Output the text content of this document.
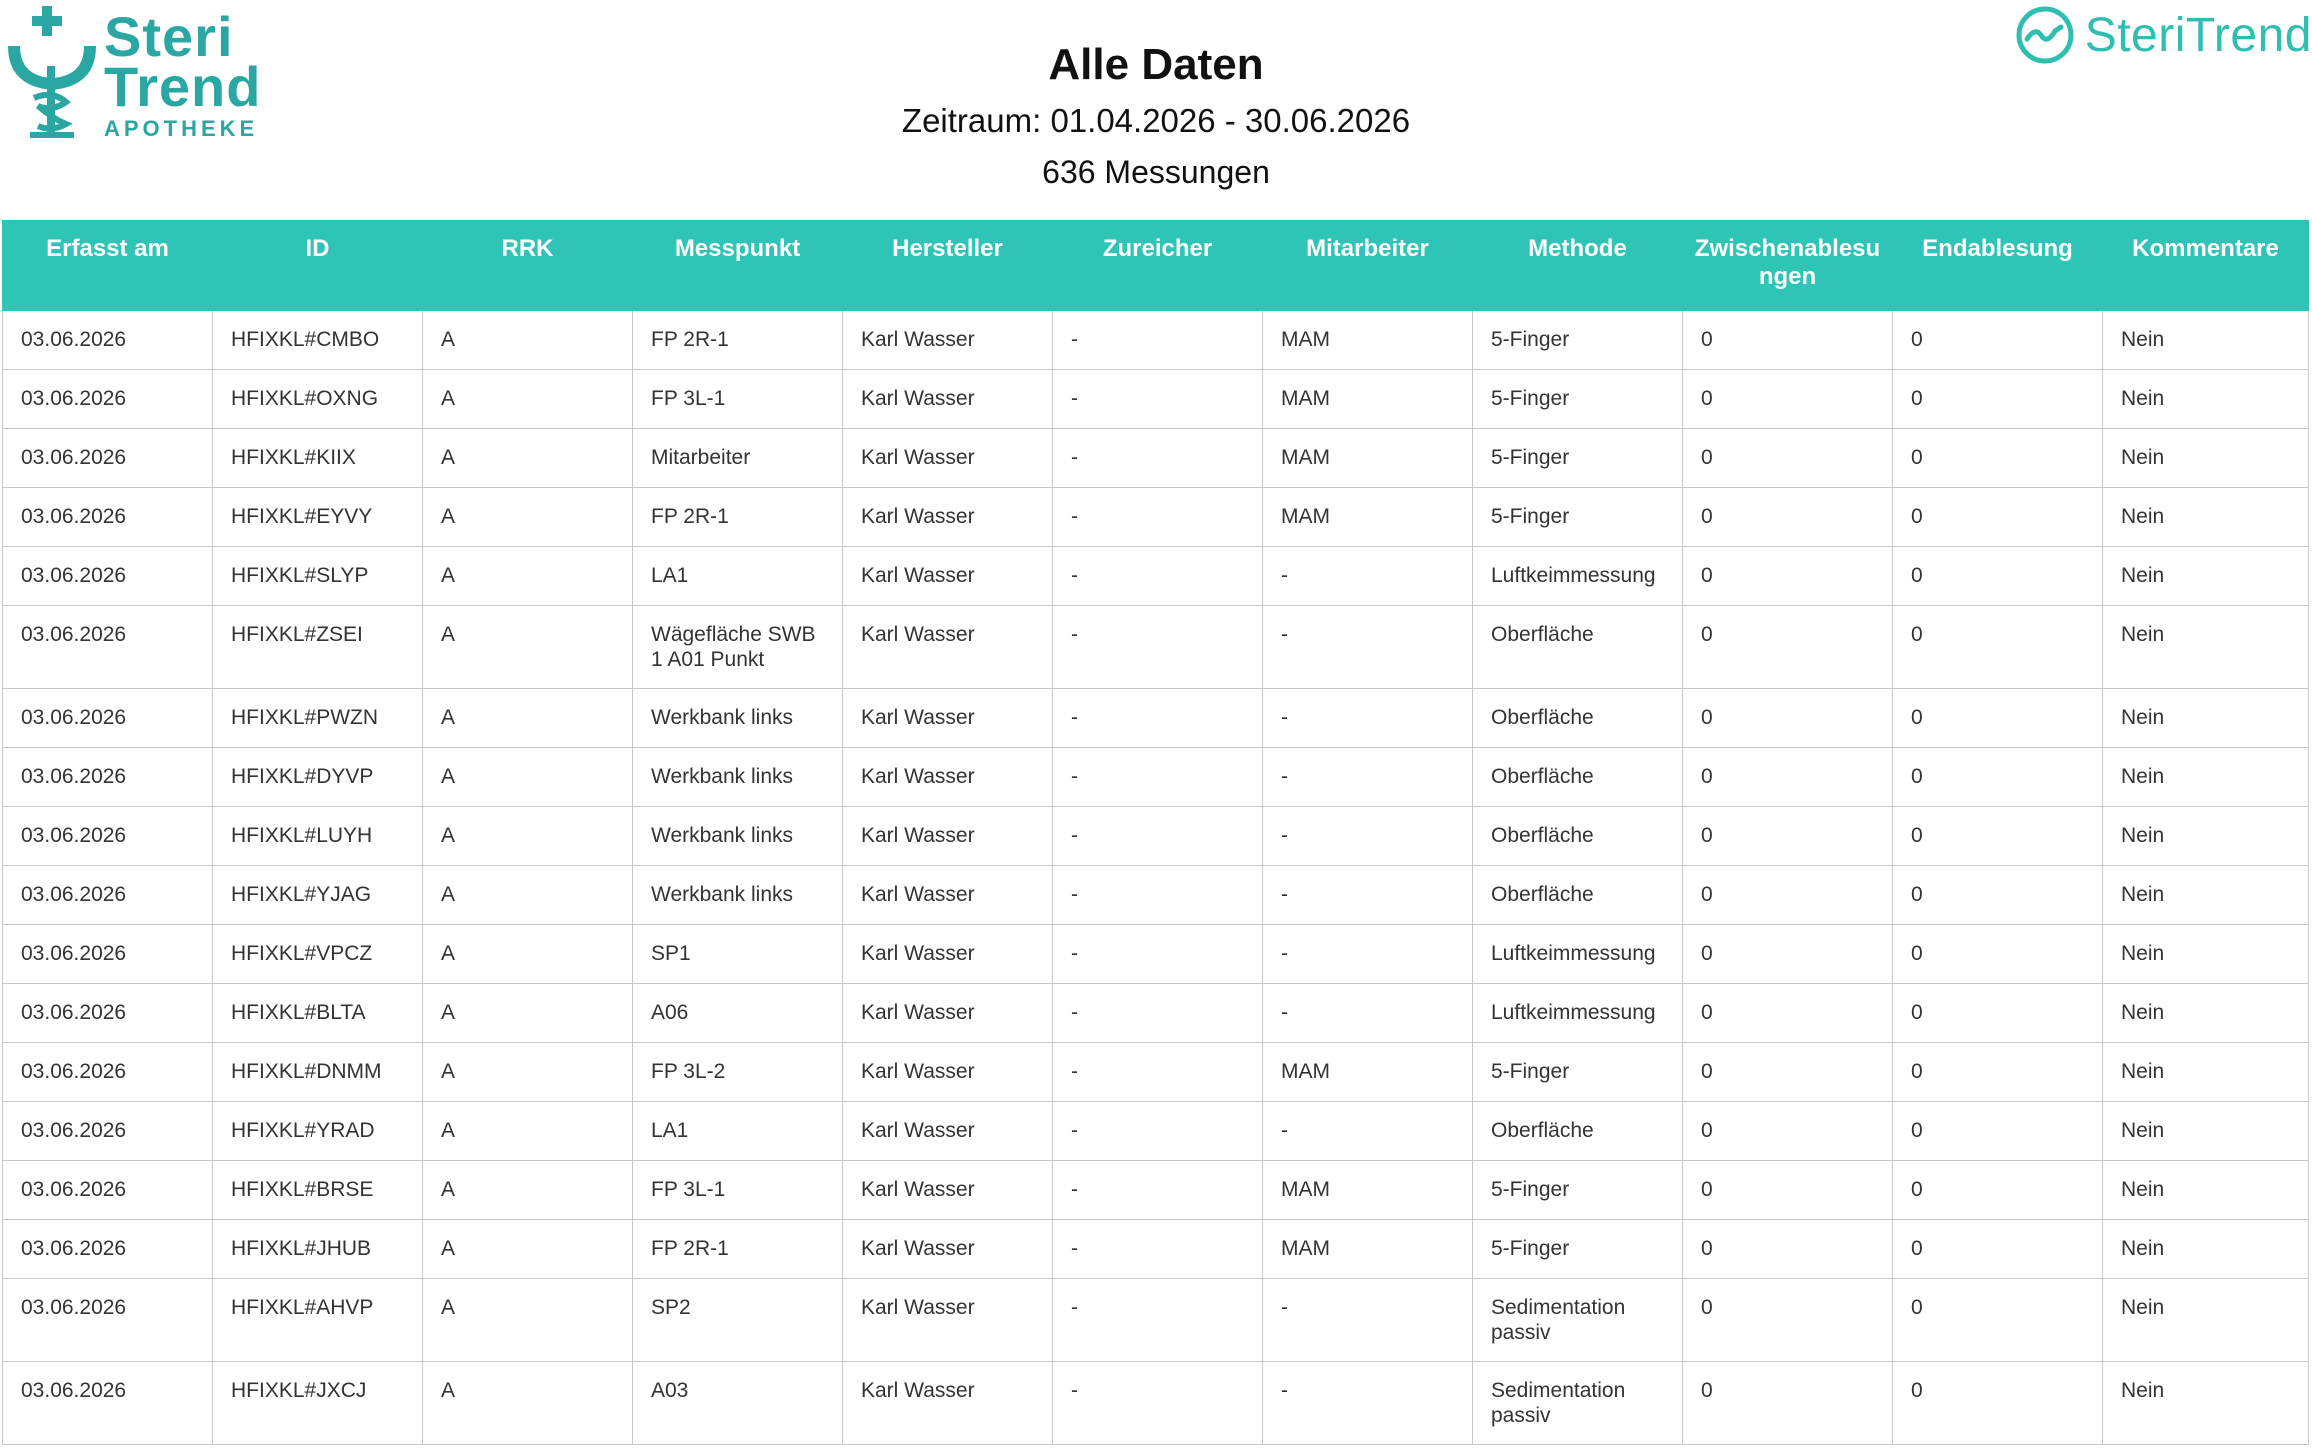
Steri
Trend
APOTHEKE
SteriTrend
Alle Daten
Zeitraum: 01.04.2026 - 30.06.2026
636 Messungen
Erfasst am	ID	RRK	Messpunkt	Hersteller	Zureicher	Mitarbeiter	Methode	Zwischenablesu ngen	Endablesung	Kommentare
03.06.2026	HFIXKL#CMBO	A	FP 2R-1	Karl Wasser	-	MAM	5-Finger	0	0	Nein
03.06.2026	HFIXKL#OXNG	A	FP 3L-1	Karl Wasser	-	MAM	5-Finger	0	0	Nein
03.06.2026	HFIXKL#KIIX	A	Mitarbeiter	Karl Wasser	-	MAM	5-Finger	0	0	Nein
03.06.2026	HFIXKL#EYVY	A	FP 2R-1	Karl Wasser	-	MAM	5-Finger	0	0	Nein
03.06.2026	HFIXKL#SLYP	A	LA1	Karl Wasser	-	-	Luftkeimmessung	0	0	Nein
03.06.2026	HFIXKL#ZSEI	A	Wägefläche SWB 1 A01 Punkt	Karl Wasser	-	-	Oberfläche	0	0	Nein
03.06.2026	HFIXKL#PWZN	A	Werkbank links	Karl Wasser	-	-	Oberfläche	0	0	Nein
03.06.2026	HFIXKL#DYVP	A	Werkbank links	Karl Wasser	-	-	Oberfläche	0	0	Nein
03.06.2026	HFIXKL#LUYH	A	Werkbank links	Karl Wasser	-	-	Oberfläche	0	0	Nein
03.06.2026	HFIXKL#YJAG	A	Werkbank links	Karl Wasser	-	-	Oberfläche	0	0	Nein
03.06.2026	HFIXKL#VPCZ	A	SP1	Karl Wasser	-	-	Luftkeimmessung	0	0	Nein
03.06.2026	HFIXKL#BLTA	A	A06	Karl Wasser	-	-	Luftkeimmessung	0	0	Nein
03.06.2026	HFIXKL#DNMM	A	FP 3L-2	Karl Wasser	-	MAM	5-Finger	0	0	Nein
03.06.2026	HFIXKL#YRAD	A	LA1	Karl Wasser	-	-	Oberfläche	0	0	Nein
03.06.2026	HFIXKL#BRSE	A	FP 3L-1	Karl Wasser	-	MAM	5-Finger	0	0	Nein
03.06.2026	HFIXKL#JHUB	A	FP 2R-1	Karl Wasser	-	MAM	5-Finger	0	0	Nein
03.06.2026	HFIXKL#AHVP	A	SP2	Karl Wasser	-	-	Sedimentation passiv	0	0	Nein
03.06.2026	HFIXKL#JXCJ	A	A03	Karl Wasser	-	-	Sedimentation passiv	0	0	Nein
